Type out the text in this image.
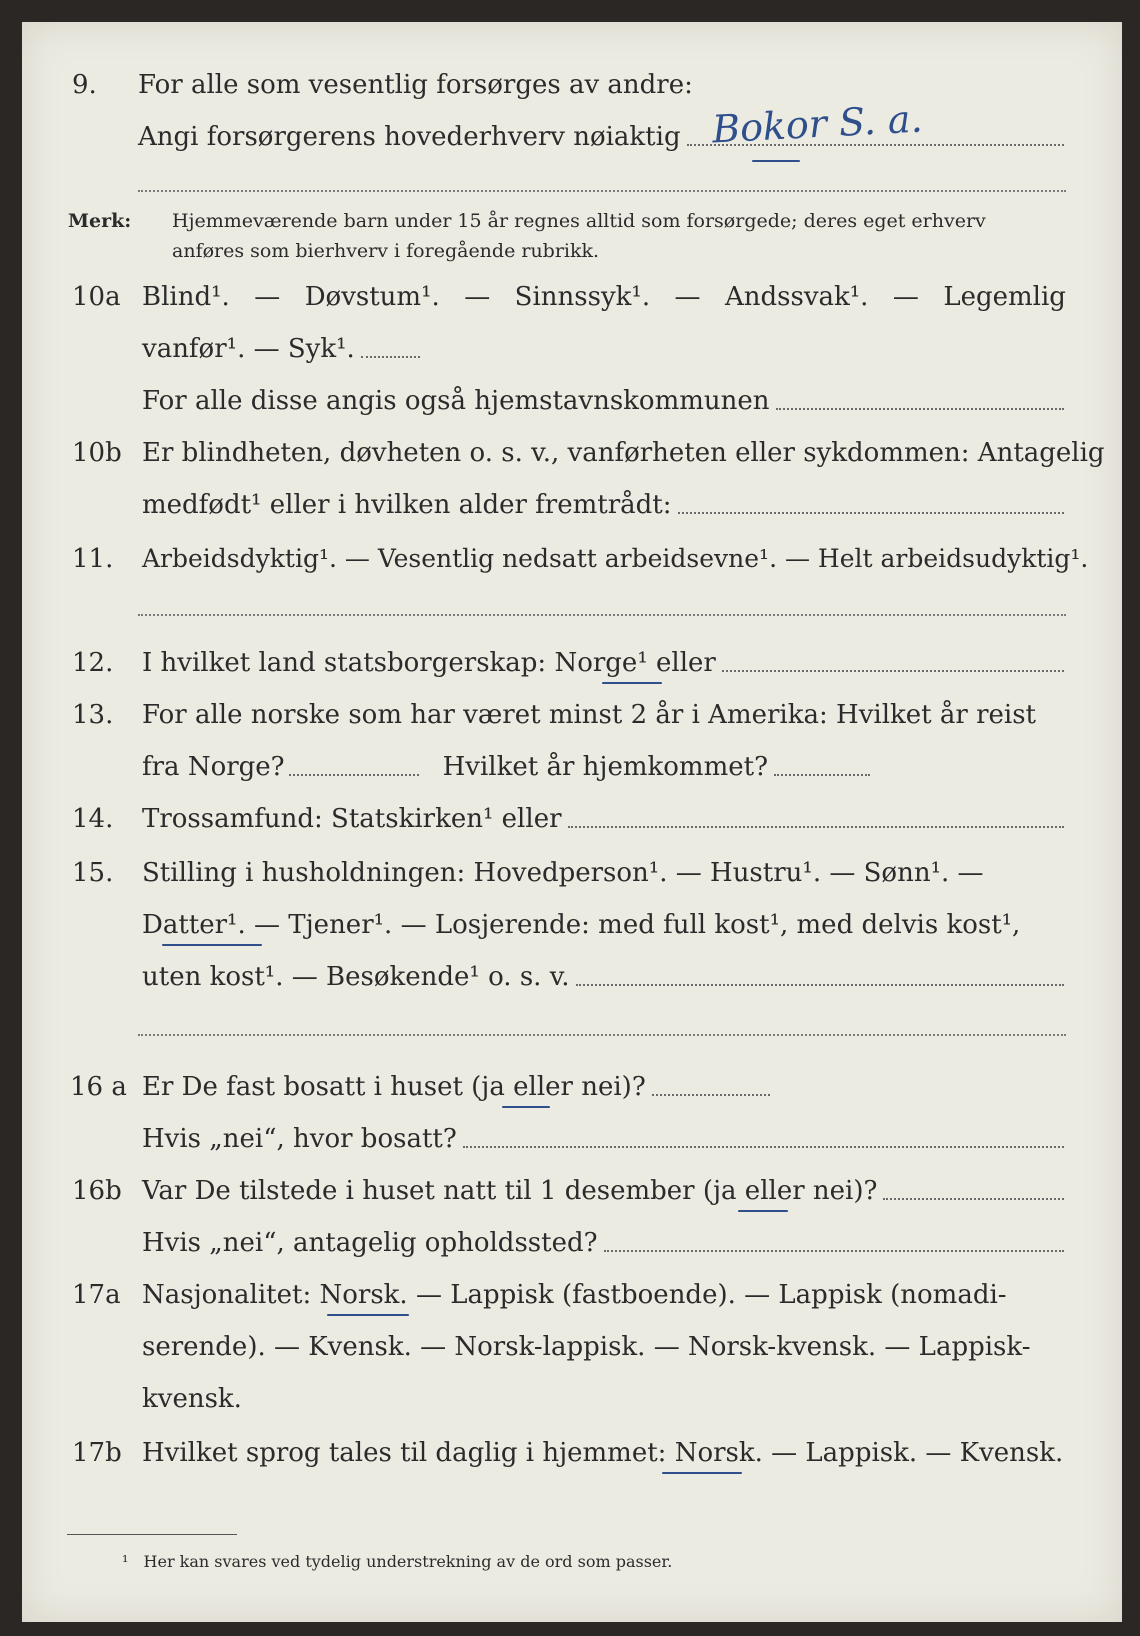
9.	For alle som vesentlig forsørges av andre:
Angi forsørgerens hovederhverv nøiaktig Bokor S. a.
Merk: Hjemmeværende barn under 15 år regnes alltid som forsørgede; deres eget erhverv
anføres som bierhverv i foregående rubrikk.
10a Blind¹. — Døvstum¹. — Sinnssyk¹. — Andssvak¹. — Legemlig
vanfør¹. — Syk¹.
For alle disse angis også hjemstavnskommunen
10b Er blindheten, døvheten o. s. v., vanførheten eller sykdommen: Antagelig
medfødt¹ eller i hvilken alder fremtrådt:
11.	Arbeidsdyktig¹. — Vesentlig nedsatt arbeidsevne¹. — Helt arbeidsudyktig¹.
12.	I hvilket land statsborgerskap: Norge¹ eller
13.	For alle norske som har været minst 2 år i Amerika: Hvilket år reist
fra Norge?	Hvilket år hjemkommet?
14.	Trossamfund: Statskirken¹ eller
15.	Stilling i husholdningen: Hovedperson¹. — Hustru¹. — Sønn¹. —
Datter¹. — Tjener¹. — Losjerende: med full kost¹, med delvis kost¹,
uten kost¹. — Besøkende¹ o. s. v.
16 a Er De fast bosatt i huset (ja eller nei)?
Hvis „nei“, hvor bosatt?
16b Var De tilstede i huset natt til 1 desember (ja eller nei)?
Hvis „nei“, antagelig opholdssted?
17a Nasjonalitet: Norsk. — Lappisk (fastboende). — Lappisk (nomadi-
serende). — Kvensk. — Norsk-lappisk. — Norsk-kvensk. — Lappisk-
kvensk.
17b Hvilket sprog tales til daglig i hjemmet: Norsk. — Lappisk. — Kvensk.
¹ Her kan svares ved tydelig understrekning av de ord som passer.
